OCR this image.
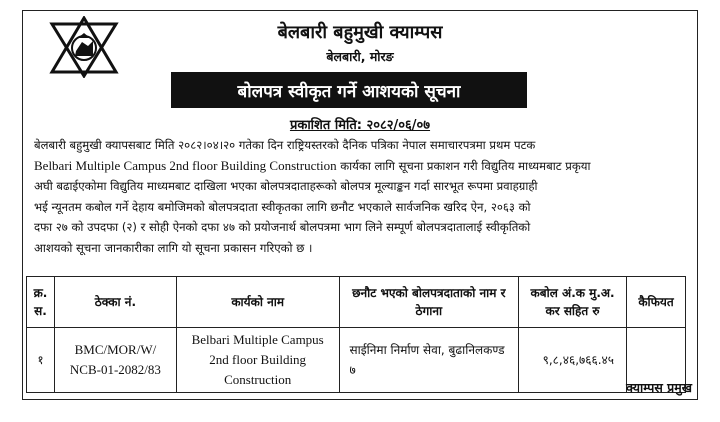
बेलबारी बहुमुखी क्याम्पस
बेलबारी, मोरङ
बोलपत्र स्वीकृत गर्ने आशयको सूचना
प्रकाशित मिति: २०८२/०६/०७
बेलबारी बहुमुखी क्यापसबाट मिति २०८२।०४।२० गतेका दिन राष्ट्रियस्तरको दैनिक पत्रिका नेपाल समाचारपत्रमा प्रथम पटक
Belbari Multiple Campus 2nd floor Building Construction कार्यका लागि सूचना प्रकाशन गरी विद्युतिय माध्यमबाट प्रकृया
अघी बढाईएकोमा विद्युतिय माध्यमबाट दाखिला भएका बोलपत्रदाताहरूको बोलपत्र मूल्याङ्कन गर्दा सारभूत रूपमा प्रवाहग्राही
भई न्यूनतम कबोल गर्ने देहाय बमोजिमको बोलपत्रदाता स्वीकृतका लागि छनौट भएकाले सार्वजनिक खरिद ऐन, २०६३ को
दफा २७ को उपदफा (२) र सोही ऐनको दफा ४७ को प्रयोजनार्थ बोलपत्रमा भाग लिने सम्पूर्ण बोलपत्रदातालाई स्वीकृतिको
आशयको सूचना जानकारीका लागि यो सूचना प्रकासन गरिएको छ ।
क्र. स.	ठेक्का नं.	कार्यको नाम	छनौट भएको बोलपत्रदाताको नाम र ठेगाना	कबोल अं.क मु.अ. कर सहित रु	कैफियत
१	BMC/MOR/W/ NCB-01-2082/83	Belbari Multiple Campus 2nd floor Building Construction	साईनिमा निर्माण सेवा, बुढानिलकण्ड ७	९,८,४६,७६६.४५	
क्याम्पस प्रमुख
